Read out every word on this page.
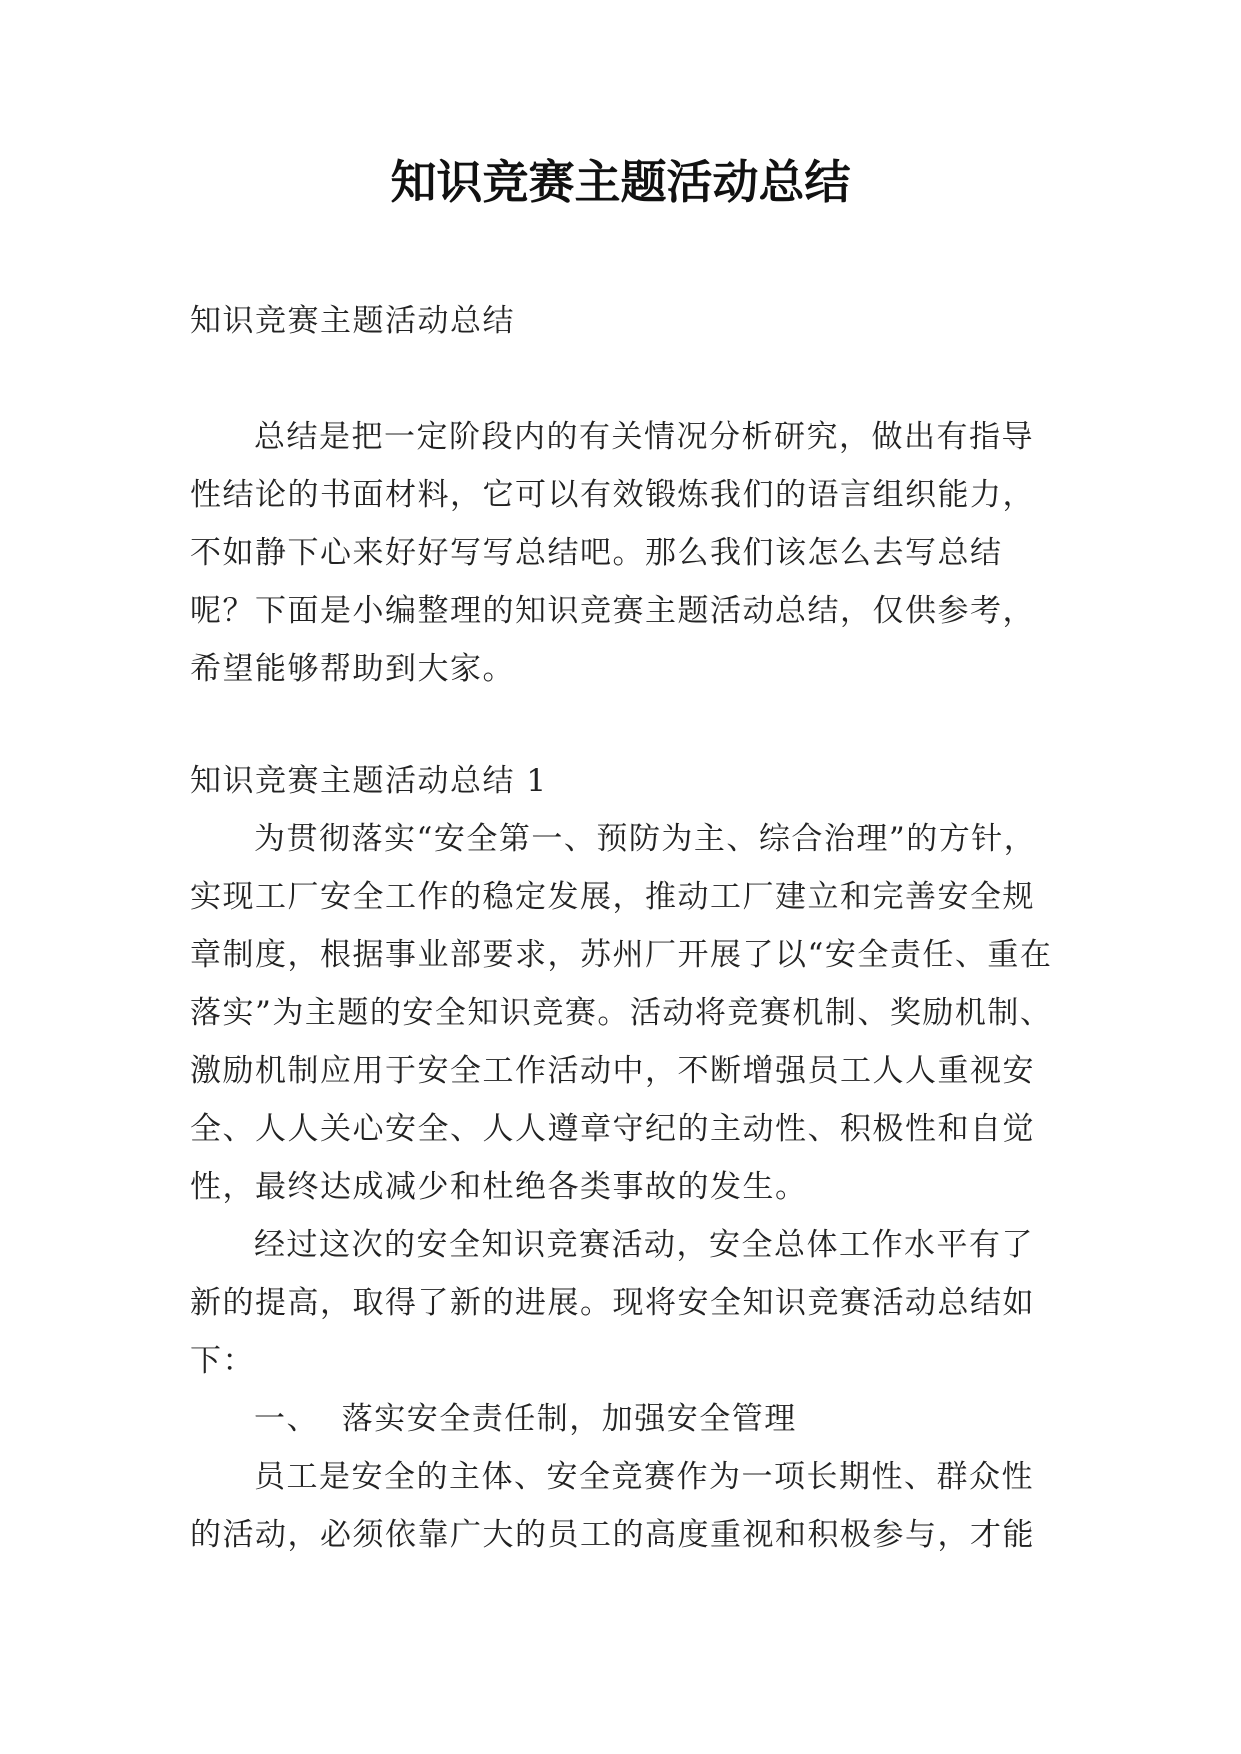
知识竞赛主题活动总结
知识竞赛主题活动总结
总结是把一定阶段内的有关情况分析研究，做出有指导性结论的书面材料，它可以有效锻炼我们的语言组织能力，不如静下心来好好写写总结吧。那么我们该怎么去写总结呢？下面是小编整理的知识竞赛主题活动总结，仅供参考，希望能够帮助到大家。
知识竞赛主题活动总结 1

为贯彻落实“安全第一、预防为主、综合治理”的方针，实现工厂安全工作的稳定发展，推动工厂建立和完善安全规章制度，根据事业部要求，苏州厂开展了以“安全责任、重在落实”为主题的安全知识竞赛。活动将竞赛机制、奖励机制、激励机制应用于安全工作活动中，不断增强员工人人重视安全、人人关心安全、人人遵章守纪的主动性、积极性和自觉性，最终达成减少和杜绝各类事故的发生。

经过这次的安全知识竞赛活动，安全总体工作水平有了新的提高，取得了新的进展。现将安全知识竞赛活动总结如下：

一、  落实安全责任制，加强安全管理

员工是安全的主体、安全竞赛作为一项长期性、群众性的活动，必须依靠广大的员工的高度重视和积极参与，才能
